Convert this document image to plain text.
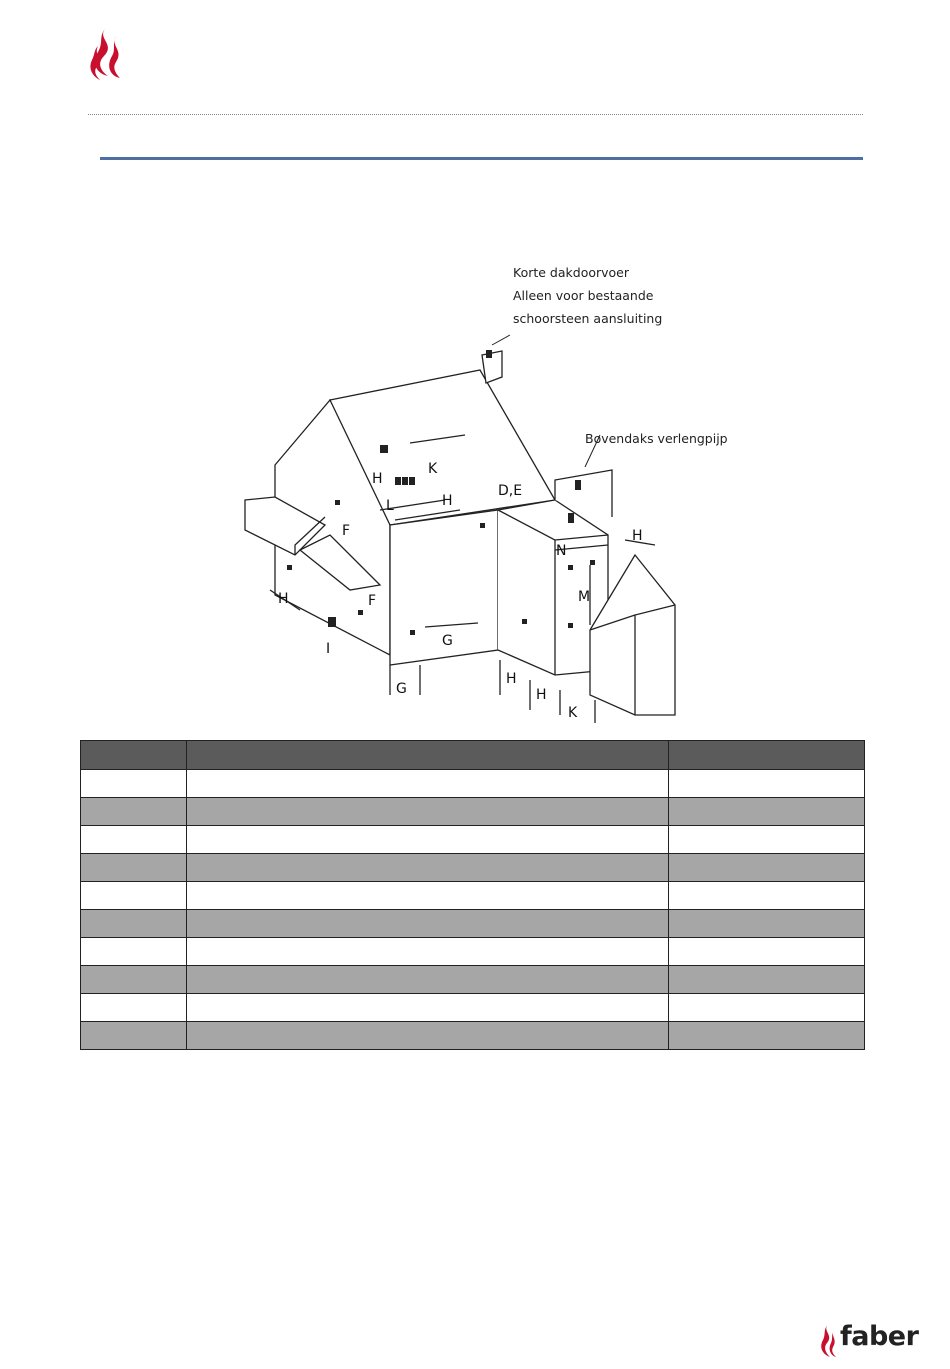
Korte dakdoorvoer
Alleen voor bestaande
schoorsteen aansluiting
Bovendaks verlengpijp
H
K
L	H
D,E
F
F
H
I	G
G
H
H
K
N
M
H

faber
